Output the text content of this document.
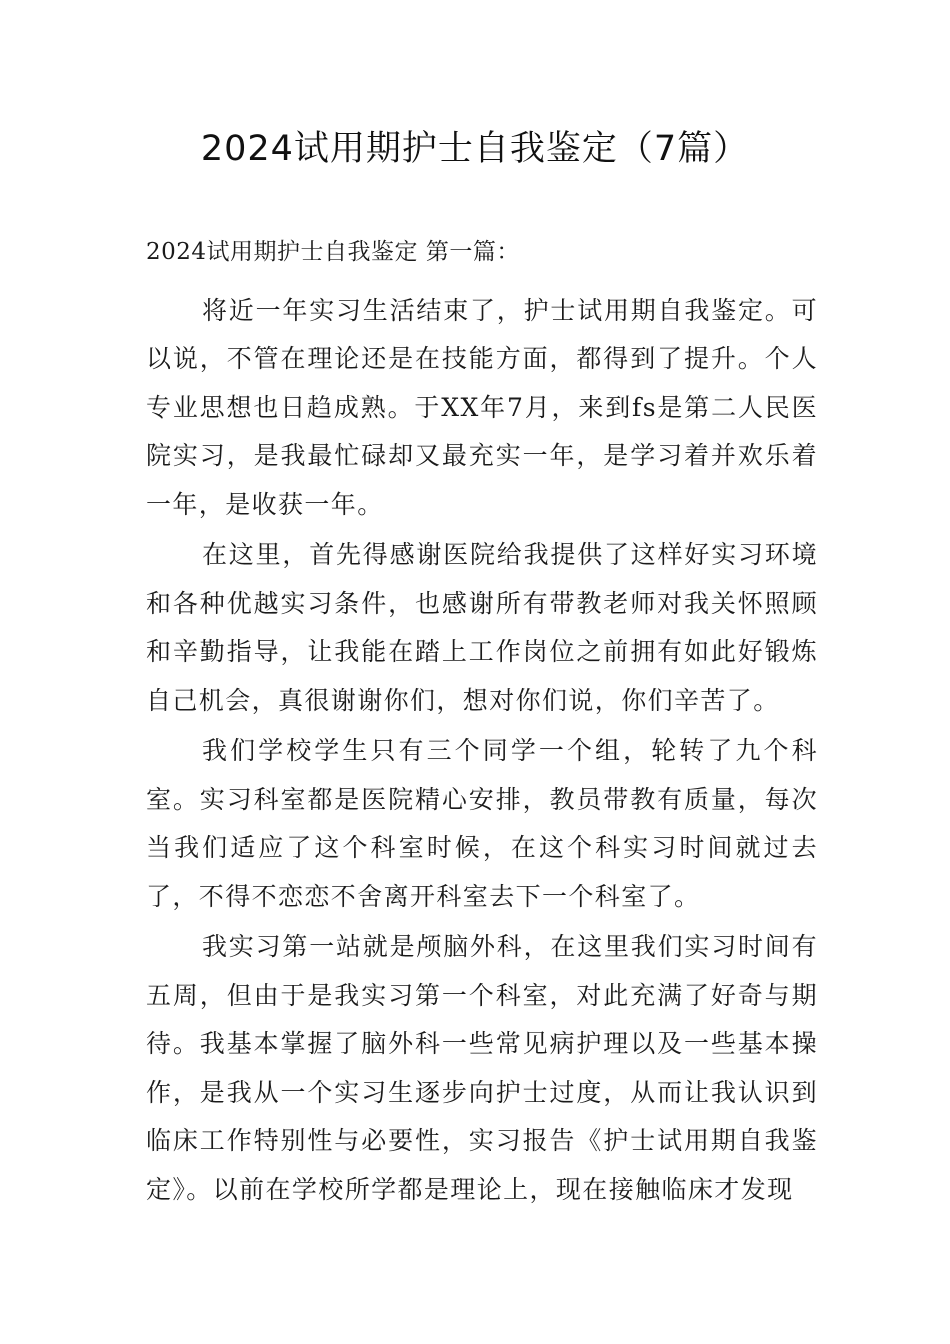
2024试用期护士自我鉴定（7篇）

2024试用期护士自我鉴定 第一篇：

将近一年实习生活结束了，护士试用期自我鉴定。可以说，不管在理论还是在技能方面，都得到了提升。个人专业思想也日趋成熟。于XX年7月，来到fs是第二人民医院实习，是我最忙碌却又最充实一年，是学习着并欢乐着一年，是收获一年。

在这里，首先得感谢医院给我提供了这样好实习环境和各种优越实习条件，也感谢所有带教老师对我关怀照顾和辛勤指导，让我能在踏上工作岗位之前拥有如此好锻炼自己机会，真很谢谢你们，想对你们说，你们辛苦了。

我们学校学生只有三个同学一个组，轮转了九个科室。实习科室都是医院精心安排，教员带教有质量，每次当我们适应了这个科室时候，在这个科实习时间就过去了，不得不恋恋不舍离开科室去下一个科室了。

我实习第一站就是颅脑外科，在这里我们实习时间有五周，但由于是我实习第一个科室，对此充满了好奇与期待。我基本掌握了脑外科一些常见病护理以及一些基本操作，是我从一个实习生逐步向护士过度，从而让我认识到临床工作特别性与必要性，实习报告《护士试用期自我鉴定》。以前在学校所学都是理论上，现在接触临床才发现
